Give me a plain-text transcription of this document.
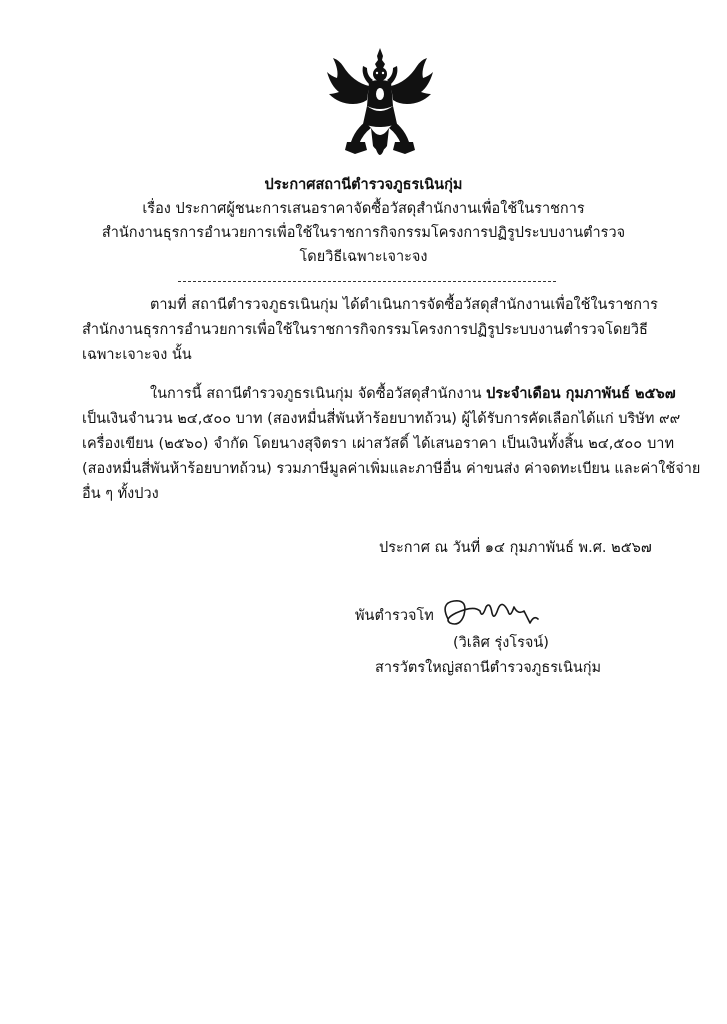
ประกาศสถานีตำรวจภูธรเนินกุ่ม
เรื่อง ประกาศผู้ชนะการเสนอราคาจัดซื้อวัสดุสำนักงานเพื่อใช้ในราชการ
สำนักงานธุรการอำนวยการเพื่อใช้ในราชการกิจกรรมโครงการปฏิรูประบบงานตำรวจ
โดยวิธีเฉพาะเจาะจง
ตามที่ สถานีตำรวจภูธรเนินกุ่ม ได้ดำเนินการจัดซื้อวัสดุสำนักงานเพื่อใช้ในราชการ
สำนักงานธุรการอำนวยการเพื่อใช้ในราชการกิจกรรมโครงการปฏิรูประบบงานตำรวจโดยวิธี
เฉพาะเจาะจง นั้น
ในการนี้ สถานีตำรวจภูธรเนินกุ่ม จัดซื้อวัสดุสำนักงาน ประจำเดือน กุมภาพันธ์ ๒๕๖๗
เป็นเงินจำนวน ๒๔,๕๐๐ บาท (สองหมื่นสี่พันห้าร้อยบาทถ้วน) ผู้ได้รับการคัดเลือกได้แก่ บริษัท ๙๙
เครื่องเขียน (๒๕๖๐) จำกัด โดยนางสุจิตรา เผ่าสวัสดิ์ ได้เสนอราคา เป็นเงินทั้งสิ้น ๒๔,๕๐๐ บาท
(สองหมื่นสี่พันห้าร้อยบาทถ้วน) รวมภาษีมูลค่าเพิ่มและภาษีอื่น ค่าขนส่ง ค่าจดทะเบียน และค่าใช้จ่าย
อื่น ๆ ทั้งปวง
ประกาศ ณ วันที่ ๑๔ กุมภาพันธ์ พ.ศ. ๒๕๖๗
พันตำรวจโท
(วิเลิศ รุ่งโรจน์)
สารวัตรใหญ่สถานีตำรวจภูธรเนินกุ่ม
